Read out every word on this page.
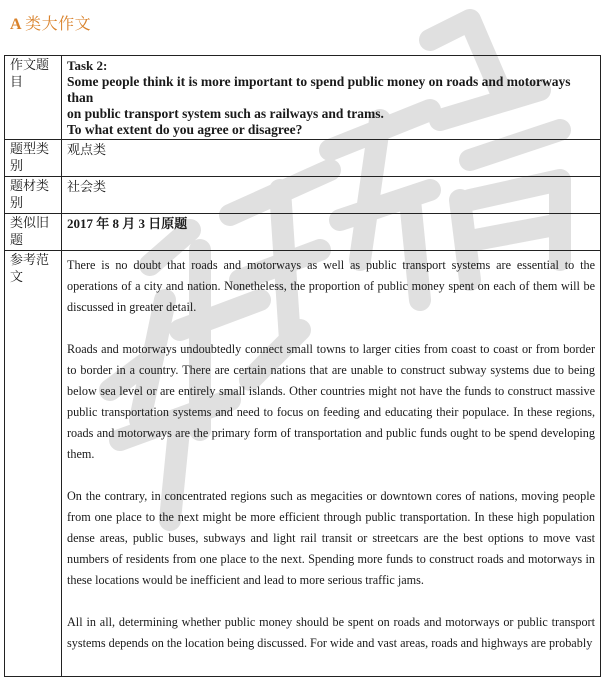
A 类大作文
作文题目	Task 2:
Some people think it is more important to spend public money on roads and motorways than
on public transport system such as railways and trams.
To what extent do you agree or disagree?

题型类别	观点类
题材类别	社会类
类似旧题	2017 年 8 月 3 日原题
参考范文	There is no doubt that roads and motorways as well as public transport systems are essential to the operations of a city and nation. Nonetheless, the proportion of public money spent on each of them will be discussed in greater detail.

Roads and motorways undoubtedly connect small towns to larger cities from coast to coast or from border to border in a country. There are certain nations that are unable to construct subway systems due to being below sea level or are entirely small islands. Other countries might not have the funds to construct massive public transportation systems and need to focus on feeding and educating their populace. In these regions, roads and motorways are the primary form of transportation and public funds ought to be spend developing them.

On the contrary, in concentrated regions such as megacities or downtown cores of nations, moving people from one place to the next might be more efficient through public transportation. In these high population dense areas, public buses, subways and light rail transit or streetcars are the best options to move vast numbers of residents from one place to the next. Spending more funds to construct roads and motorways in these locations would be inefficient and lead to more serious traffic jams.

All in all, determining whether public money should be spent on roads and motorways or public transport systems depends on the location being discussed. For wide and vast areas, roads and highways are probably
